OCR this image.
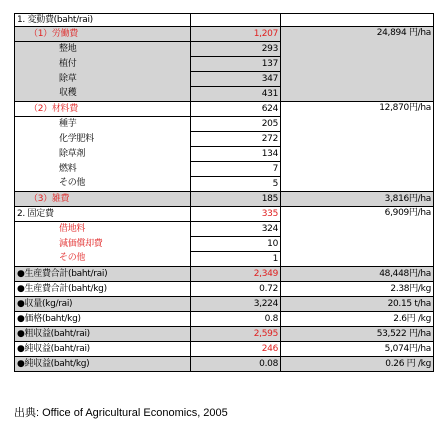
1. 変動費(baht/rai)		
（1）労働費	1,207	24,894 円/ha
整地	293	
植付	137	
除草	347	
収穫	431	
（2）材料費	624	12,870円/ha
種芋	205	
化学肥料	272	
除草剤	134	
燃料	7	
その他	5	
（3）雑費	185	3,816円/ha
2. 固定費	335	6,909円/ha
借地料	324	
減価償却費	10	
その他	1	
●生産費合計(baht/rai)	2,349	48,448円/ha
●生産費合計(baht/kg)	0.72	2.38円/kg
●収量(kg/rai)	3,224	20.15 t/ha
●価格(baht/kg)	0.8	2.6円 /kg
●粗収益(baht/rai)	2,595	53,522 円/ha
●純収益(baht/rai)	246	5,074円/ha
●純収益(baht/kg)	0.08	0.26 円 /kg
出典: Office of Agricultural Economics, 2005
